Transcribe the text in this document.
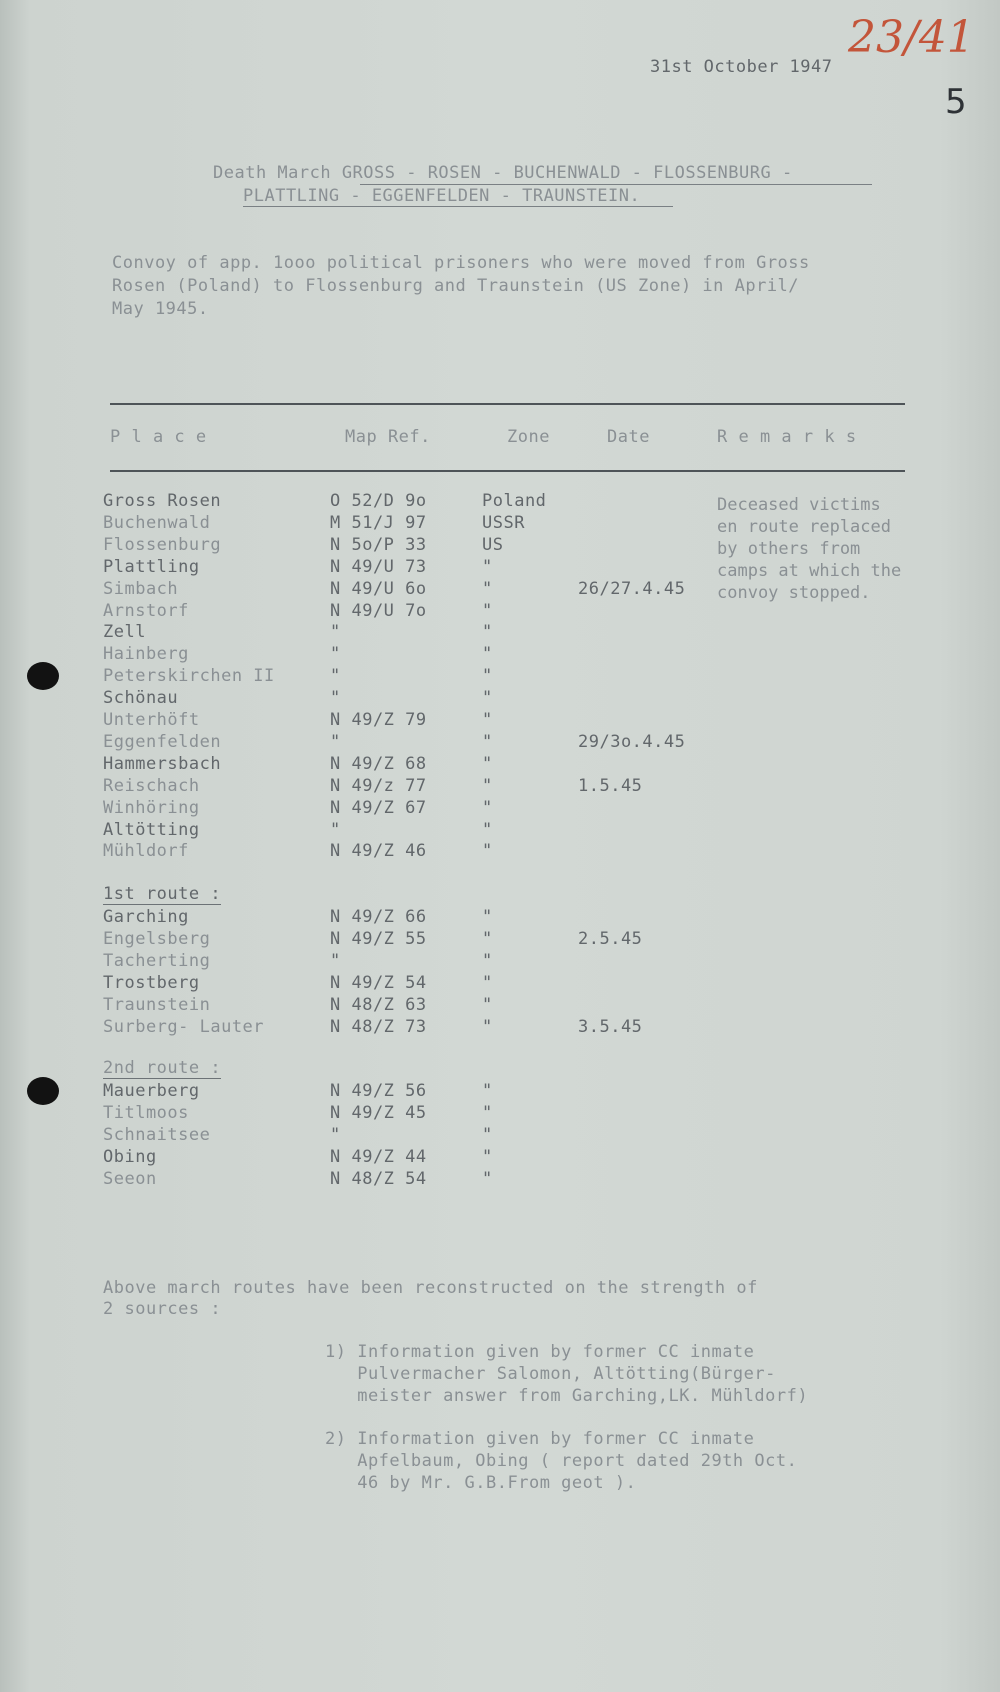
31st October 1947
23/41
5
Death March GROSS - ROSEN - BUCHENWALD - FLOSSENBURG -
PLATTLING - EGGENFELDEN - TRAUNSTEIN.
Convoy of app. 1ooo political prisoners who were moved from Gross
Rosen (Poland) to Flossenburg and Traunstein (US Zone) in April/
May 1945.
P l a c e	Map Ref.	Zone	Date	R e m a r k s
Deceased victims
en route replaced
by others from
camps at which the
convoy stopped.
Gross Rosen	O 52/D 9o	Poland
Buchenwald	M 51/J 97	USSR
Flossenburg	N 5o/P 33	US
Plattling	N 49/U 73	"
Simbach	N 49/U 6o	"	26/27.4.45
Arnstorf	N 49/U 7o	"
Zell	"	"
Hainberg	"	"
Peterskirchen II	"	"
Schönau	"	"
Unterhöft	N 49/Z 79	"
Eggenfelden	"	"	29/3o.4.45
Hammersbach	N 49/Z 68	"
Reischach	N 49/z 77	"	1.5.45
Winhöring	N 49/Z 67	"
Altötting	"	"
Mühldorf	N 49/Z 46	"
1st route :
Garching	N 49/Z 66	"
Engelsberg	N 49/Z 55	"	2.5.45
Tacherting	"	"
Trostberg	N 49/Z 54	"
Traunstein	N 48/Z 63	"
Surberg- Lauter	N 48/Z 73	"	3.5.45
2nd route :
Mauerberg	N 49/Z 56	"
Titlmoos	N 49/Z 45	"
Schnaitsee	"	"
Obing	N 49/Z 44	"
Seeon	N 48/Z 54	"
Above march routes have been reconstructed on the strength of
2 sources :
1) Information given by former CC inmate
Pulvermacher Salomon, Altötting(Bürger-
meister answer from Garching,LK. Mühldorf)
2) Information given by former CC inmate
Apfelbaum, Obing ( report dated 29th Oct.
46 by Mr. G.B.From geot ).
